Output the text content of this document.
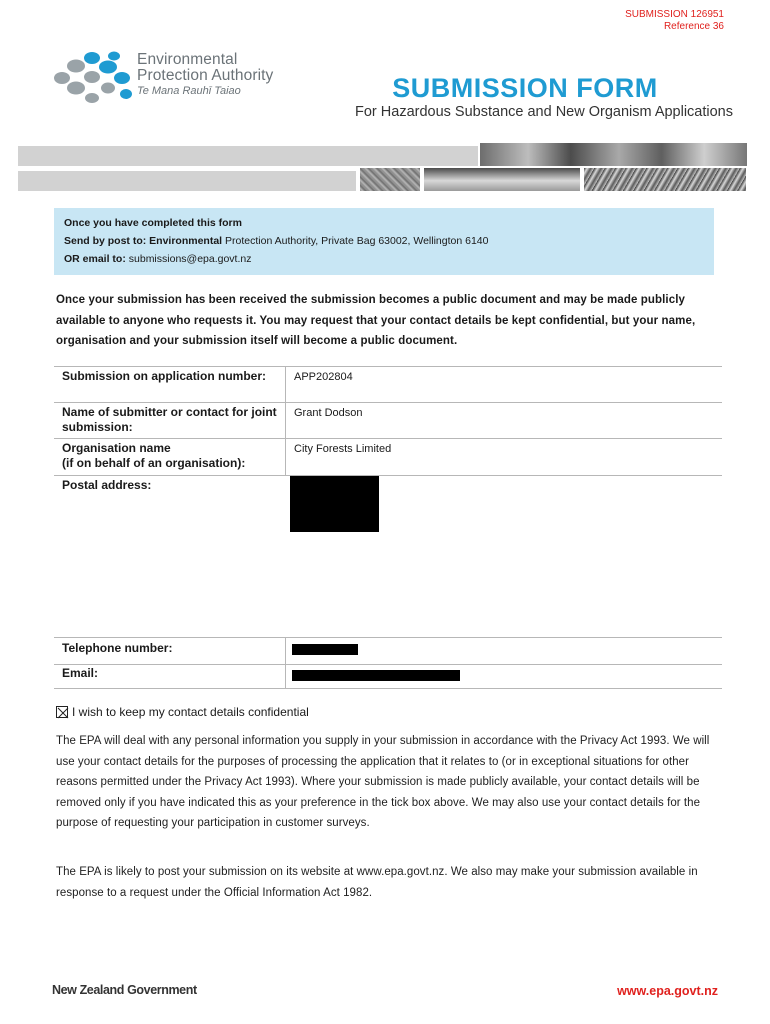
SUBMISSION 126951
Reference 36
Environmental
Protection Authority
Te Mana Rauhī Taiao	SUBMISSION FORM
For Hazardous Substance and New Organism Applications
Once you have completed this form
Send by post to: Environmental Protection Authority, Private Bag 63002, Wellington 6140
OR email to: submissions@epa.govt.nz
Once your submission has been received the submission becomes a public document and may be made publicly available to anyone who requests it. You may request that your contact details be kept confidential, but your name, organisation and your submission itself will become a public document.
Submission on application number:	APP202804
Name of submitter or contact for joint submission:
Grant Dodson
Organisation name
(if on behalf of an organisation):
City Forests Limited
Postal address:
Telephone number:
Email:
I wish to keep my contact details confidential
The EPA will deal with any personal information you supply in your submission in accordance with the Privacy Act 1993. We will use your contact details for the purposes of processing the application that it relates to (or in exceptional situations for other reasons permitted under the Privacy Act 1993). Where your submission is made publicly available, your contact details will be removed only if you have indicated this as your preference in the tick box above. We may also use your contact details for the purpose of requesting your participation in customer surveys.
The EPA is likely to post your submission on its website at www.epa.govt.nz. We also may make your submission available in response to a request under the Official Information Act 1982.
New Zealand Government	www.epa.govt.nz
